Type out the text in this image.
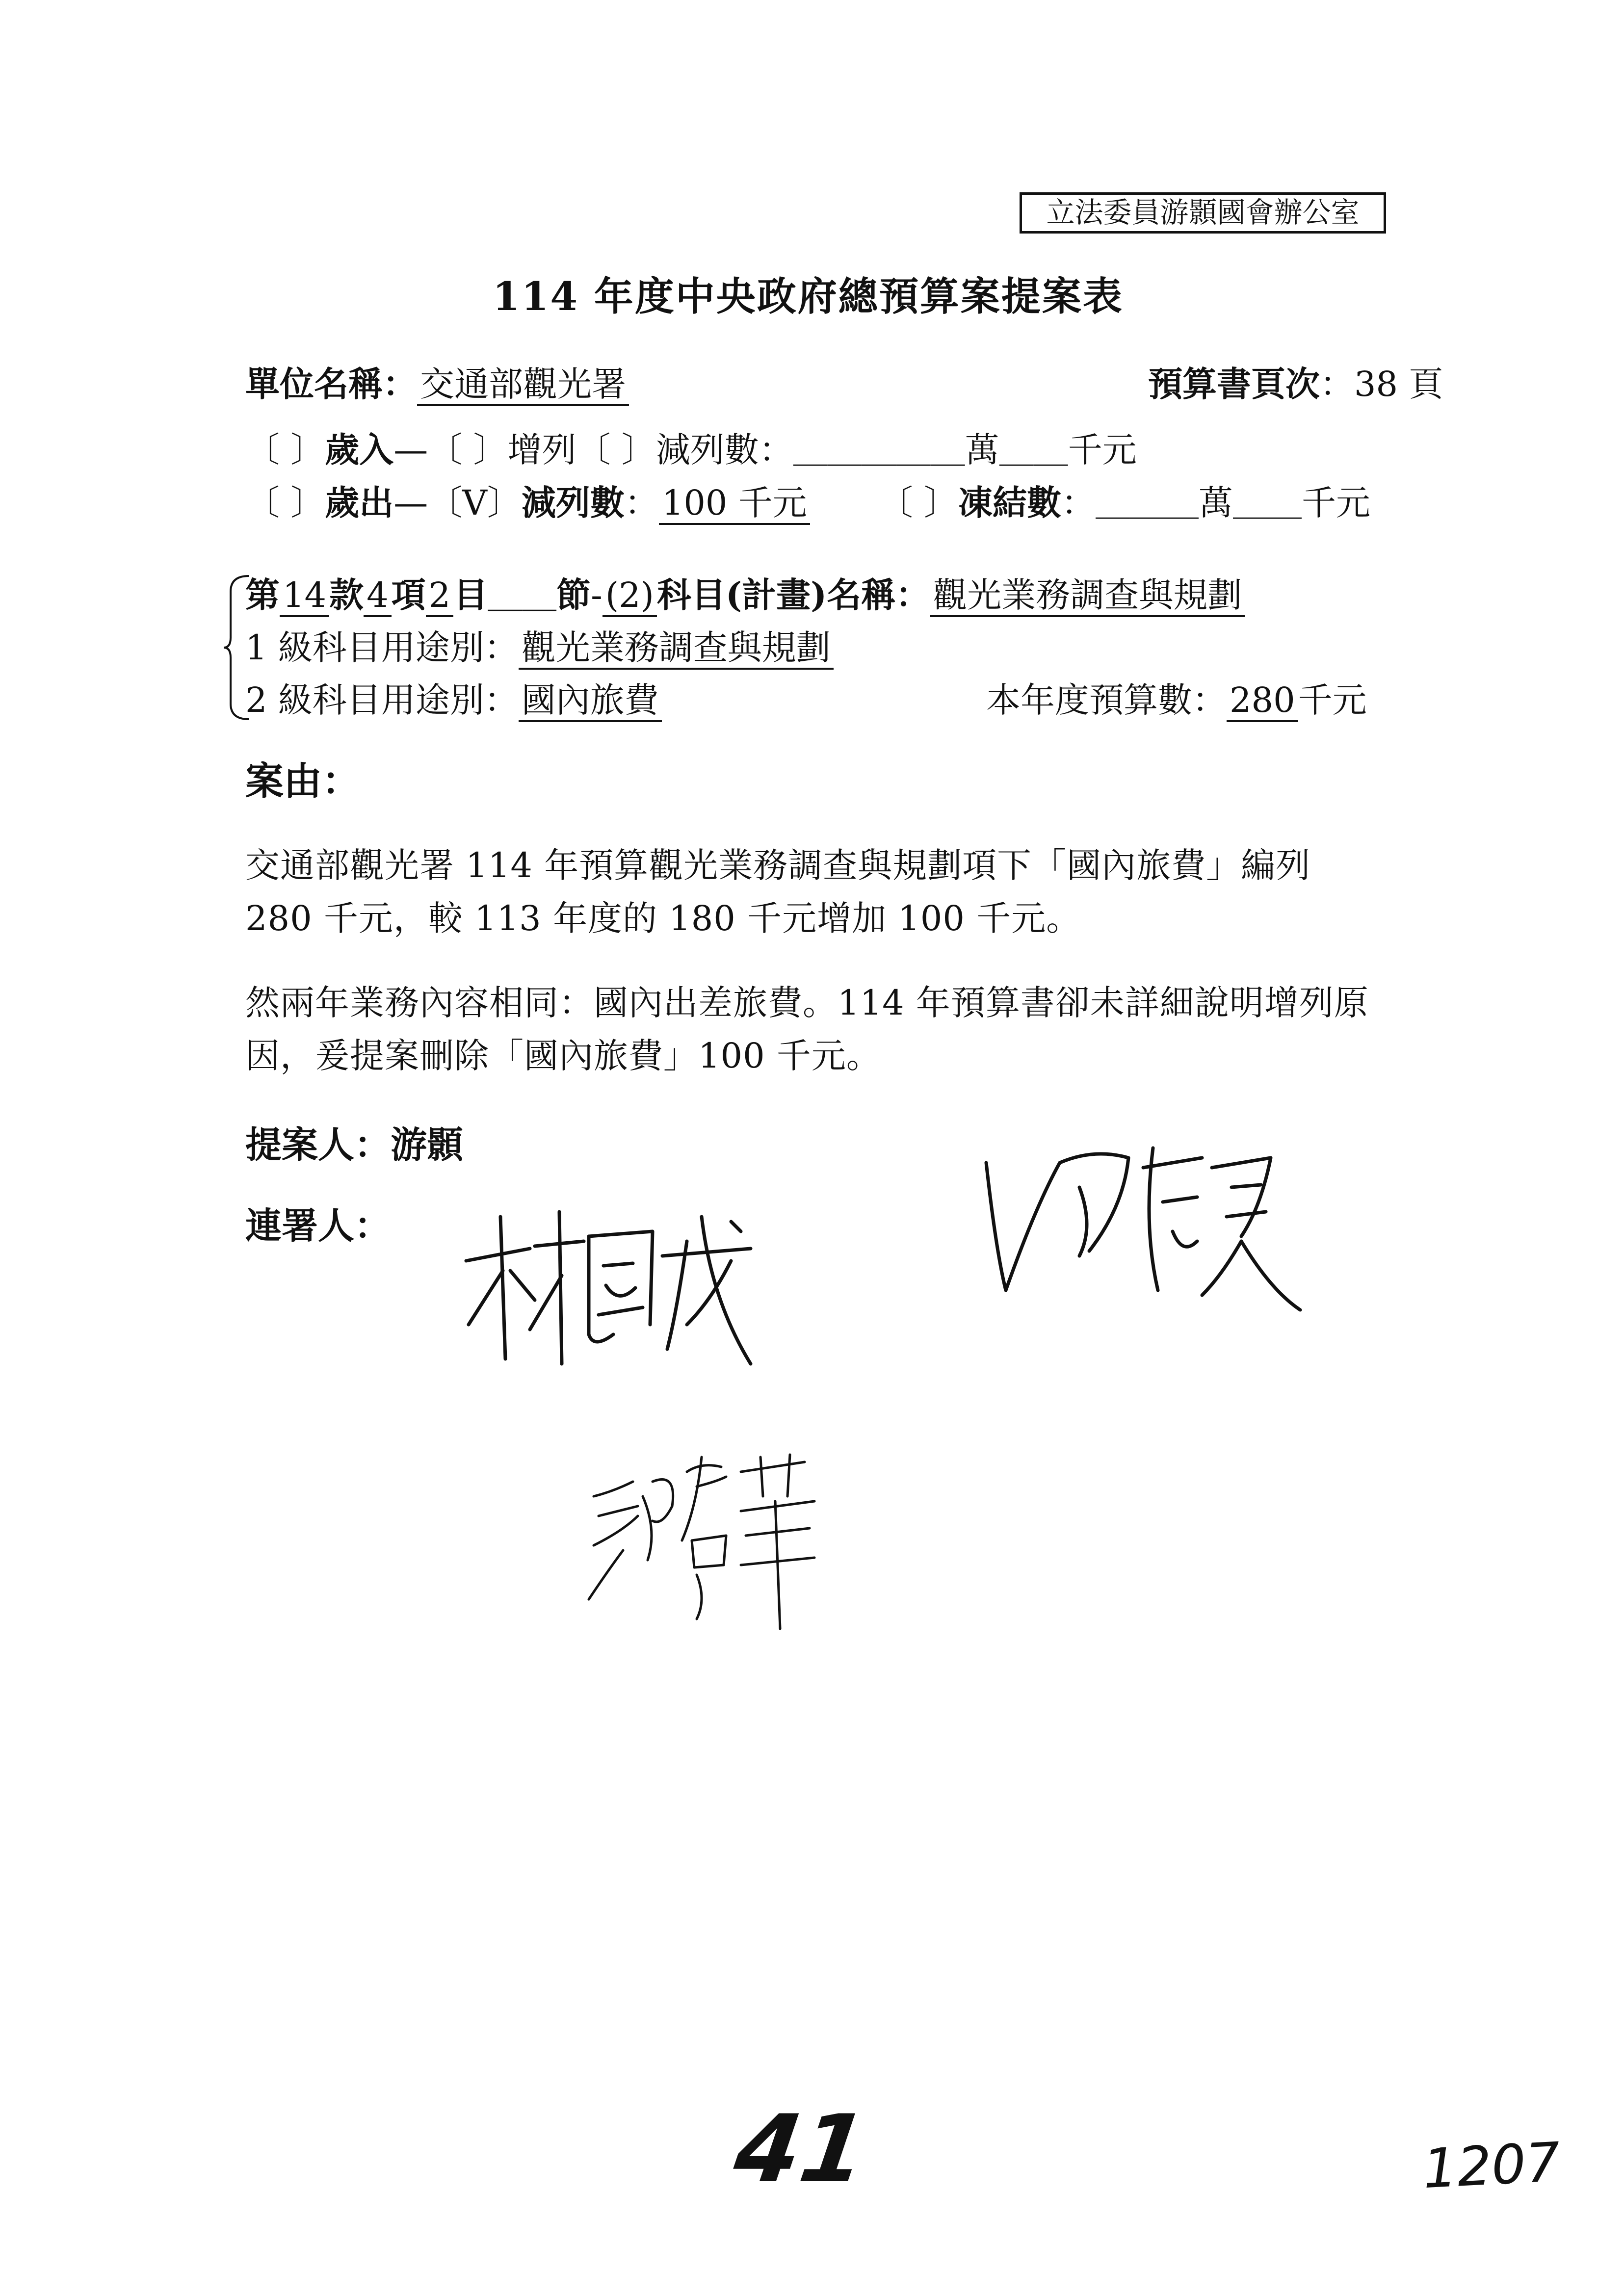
立法委員游顥國會辦公室
114 年度中央政府總預算案提案表
單位名稱：交通部觀光署	預算書頁次：38 頁
〔 〕歲入—〔 〕增列〔 〕減列數：＿＿＿＿＿萬＿＿千元
〔 〕歲出—〔V〕減列數：100 千元 〔 〕凍結數：＿＿＿萬＿＿千元
第14款4項2目＿＿節-(2)科目(計畫)名稱：觀光業務調查與規劃
1 級科目用途別：觀光業務調查與規劃
2 級科目用途別：國內旅費	本年度預算數：280千元
案由：
交通部觀光署 114 年預算觀光業務調查與規劃項下「國內旅費」編列 280 千元，較 113 年度的 180 千元增加 100 千元。
然兩年業務內容相同：國內出差旅費。114 年預算書卻未詳細說明增列原因，爰提案刪除「國內旅費」100 千元。
提案人：游顥
連署人：
41	1207
